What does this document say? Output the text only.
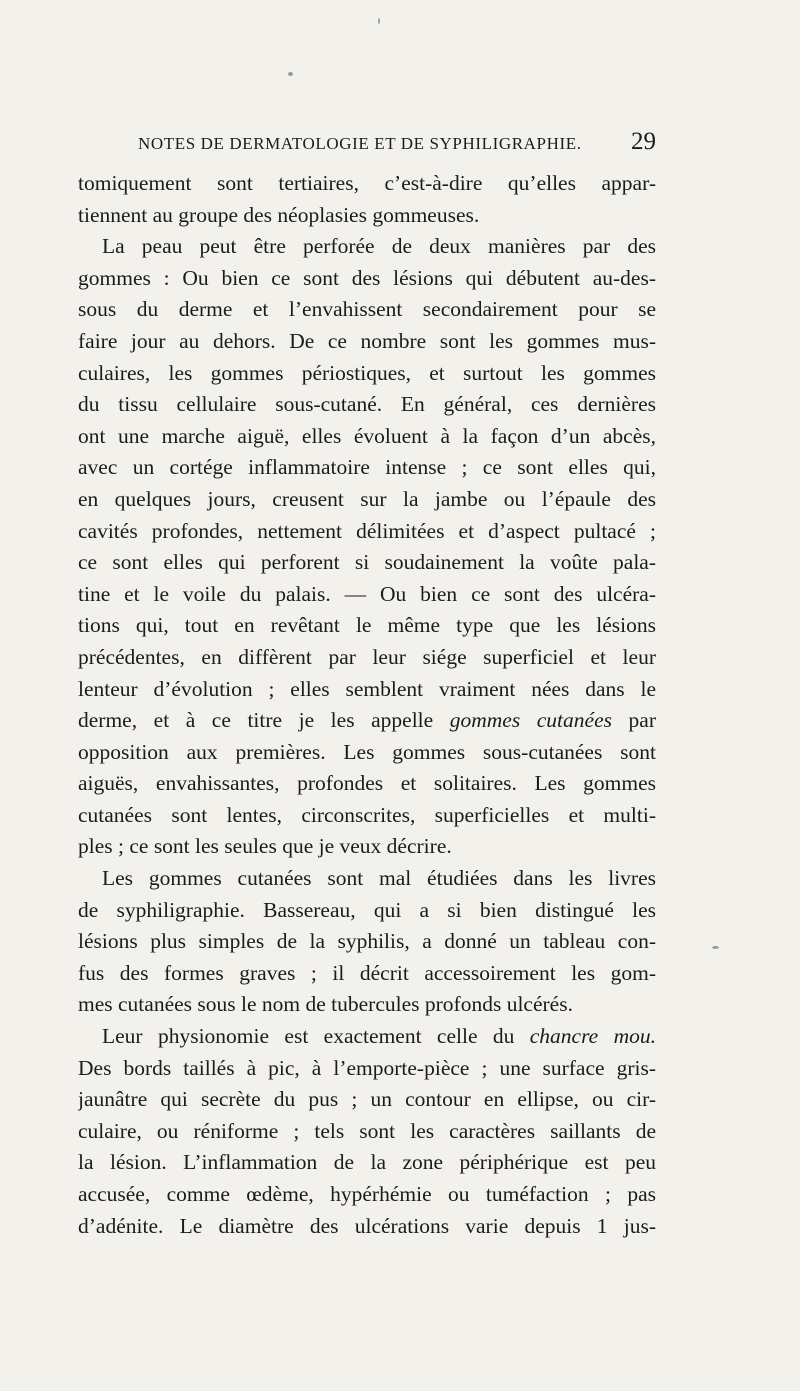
NOTES DE DERMATOLOGIE ET DE SYPHILIGRAPHIE. 29
tomiquement sont tertiaires, c’est-à-dire qu’elles appar-
tiennent au groupe des néoplasies gommeuses.
La peau peut être perforée de deux manières par des
gommes : Ou bien ce sont des lésions qui débutent au-des-
sous du derme et l’envahissent secondairement pour se
faire jour au dehors. De ce nombre sont les gommes mus-
culaires, les gommes périostiques, et surtout les gommes
du tissu cellulaire sous-cutané. En général, ces dernières
ont une marche aiguë, elles évoluent à la façon d’un abcès,
avec un cortége inflammatoire intense ; ce sont elles qui,
en quelques jours, creusent sur la jambe ou l’épaule des
cavités profondes, nettement délimitées et d’aspect pultacé ;
ce sont elles qui perforent si soudainement la voûte pala-
tine et le voile du palais. — Ou bien ce sont des ulcéra-
tions qui, tout en revêtant le même type que les lésions
précédentes, en diffèrent par leur siége superficiel et leur
lenteur d’évolution ; elles semblent vraiment nées dans le
derme, et à ce titre je les appelle gommes cutanées par
opposition aux premières. Les gommes sous-cutanées sont
aiguës, envahissantes, profondes et solitaires. Les gommes
cutanées sont lentes, circonscrites, superficielles et multi-
ples ; ce sont les seules que je veux décrire.
Les gommes cutanées sont mal étudiées dans les livres
de syphiligraphie. Bassereau, qui a si bien distingué les
lésions plus simples de la syphilis, a donné un tableau con-
fus des formes graves ; il décrit accessoirement les gom-
mes cutanées sous le nom de tubercules profonds ulcérés.
Leur physionomie est exactement celle du chancre mou.
Des bords taillés à pic, à l’emporte-pièce ; une surface gris-
jaunâtre qui secrète du pus ; un contour en ellipse, ou cir-
culaire, ou réniforme ; tels sont les caractères saillants de
la lésion. L’inflammation de la zone périphérique est peu
accusée, comme œdème, hypérhémie ou tuméfaction ; pas
d’adénite. Le diamètre des ulcérations varie depuis 1 jus-
